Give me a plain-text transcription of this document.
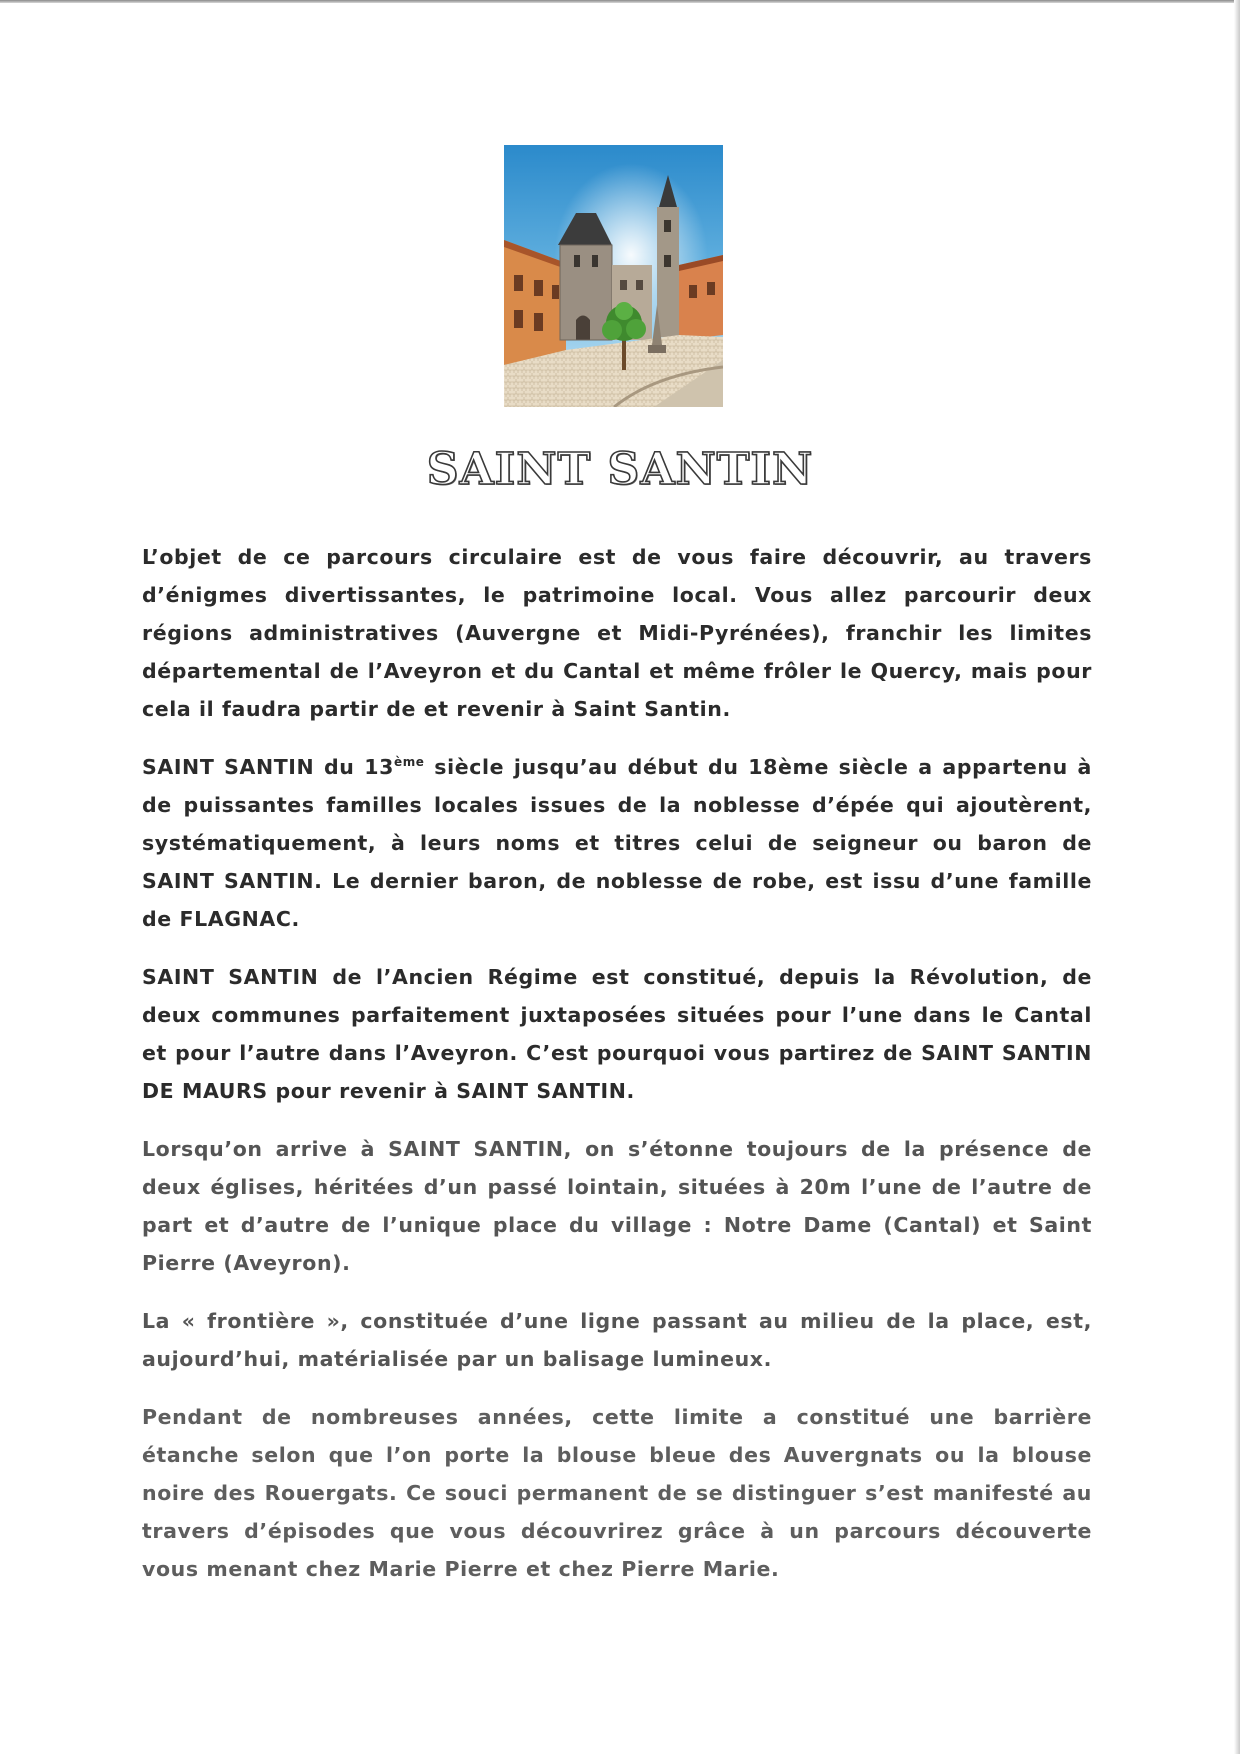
SAINT SANTIN

L’objet de ce parcours circulaire est de vous faire découvrir, au travers d’énigmes divertissantes, le patrimoine local. Vous allez parcourir deux régions administratives (Auvergne et Midi-Pyrénées), franchir les limites départemental de l’Aveyron et du Cantal et même frôler le Quercy, mais pour cela il faudra partir de et revenir à Saint Santin.

SAINT SANTIN du 13ème siècle jusqu’au début du 18ème siècle a appartenu à de puissantes familles locales issues de la noblesse d’épée qui ajoutèrent, systématiquement, à leurs noms et titres celui de seigneur ou baron de SAINT SANTIN. Le dernier baron, de noblesse de robe, est issu d’une famille de FLAGNAC.

SAINT SANTIN de l’Ancien Régime est constitué, depuis la Révolution, de deux communes parfaitement juxtaposées situées pour l’une dans le Cantal et pour l’autre dans l’Aveyron. C’est pourquoi vous partirez de SAINT SANTIN DE MAURS pour revenir à SAINT SANTIN.

Lorsqu’on arrive à SAINT SANTIN, on s’étonne toujours de la présence de deux églises, héritées d’un passé lointain, situées à 20m l’une de l’autre de part et d’autre de l’unique place du village : Notre Dame (Cantal) et Saint Pierre (Aveyron).

La « frontière », constituée d’une ligne passant au milieu de la place, est, aujourd’hui, matérialisée par un balisage lumineux.

Pendant de nombreuses années, cette limite a constitué une barrière étanche selon que l’on porte la blouse bleue des Auvergnats ou la blouse noire des Rouergats. Ce souci permanent de se distinguer s’est manifesté au travers d’épisodes que vous découvrirez grâce à un parcours découverte vous menant chez Marie Pierre et chez Pierre Marie.
